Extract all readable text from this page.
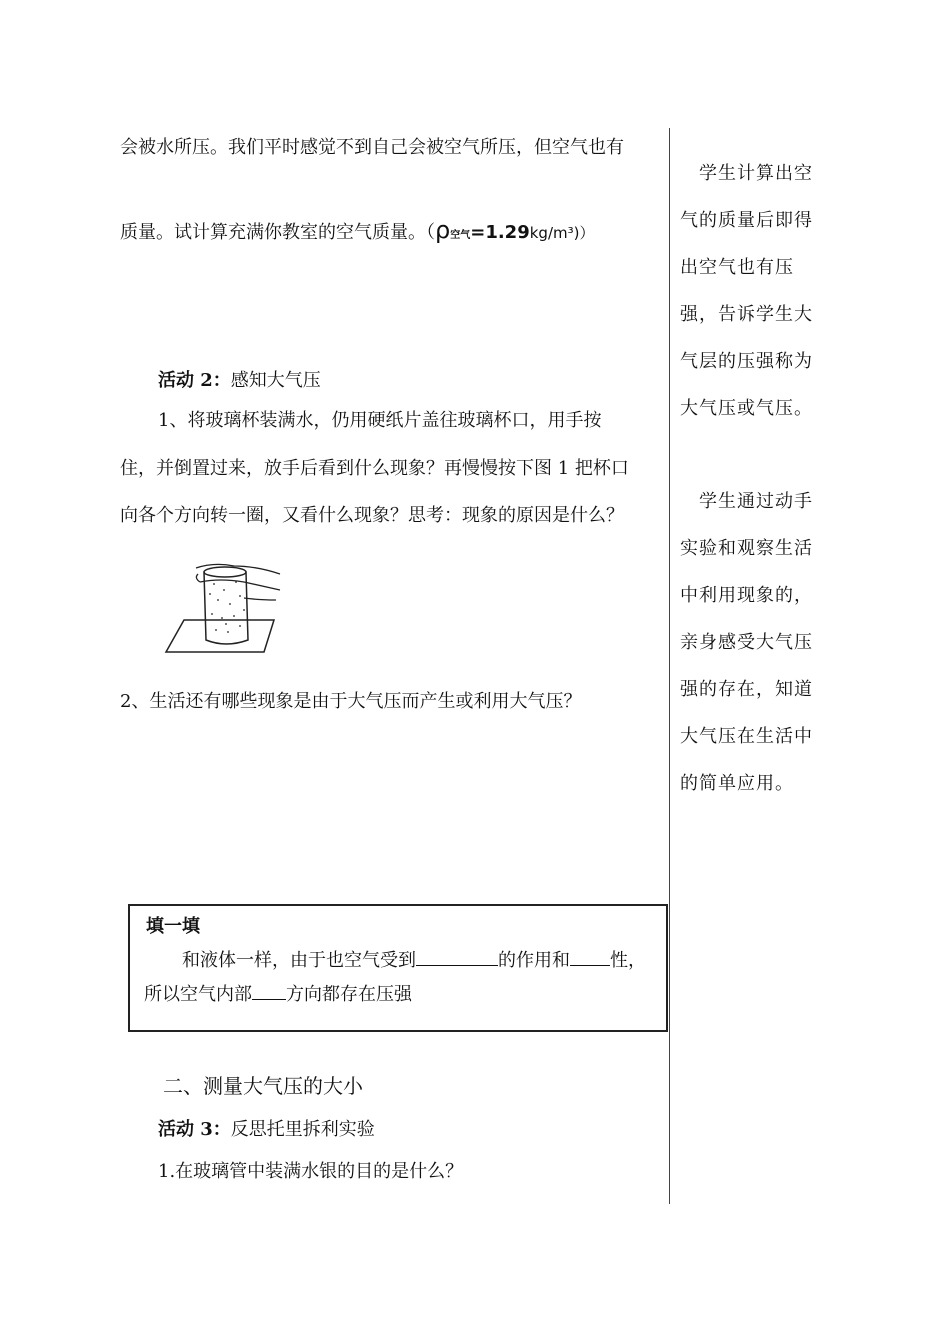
会被水所压。我们平时感觉不到自己会被空气所压，但空气也有
质量。试计算充满你教室的空气质量。（ρ空气=1.29kg/m³)）
活动 2：感知大气压
1、将玻璃杯装满水，仍用硬纸片盖往玻璃杯口，用手按
住，并倒置过来，放手后看到什么现象？再慢慢按下图 1 把杯口
向各个方向转一圈，又看什么现象？思考：现象的原因是什么？
2、生活还有哪些现象是由于大气压而产生或利用大气压？
填一填
和液体一样，由于也空气受到	的作用和 性，
所以空气内部 方向都存在压强
二、测量大气压的大小
活动 3：反思托里拆利实验
1.在玻璃管中装满水银的目的是什么？

　学生计算出空气的质量后即得出空气也有压强，告诉学生大气层的压强称为大气压或气压。

　学生通过动手实验和观察生活中利用现象的，亲身感受大气压强的存在，知道大气压在生活中的简单应用。
